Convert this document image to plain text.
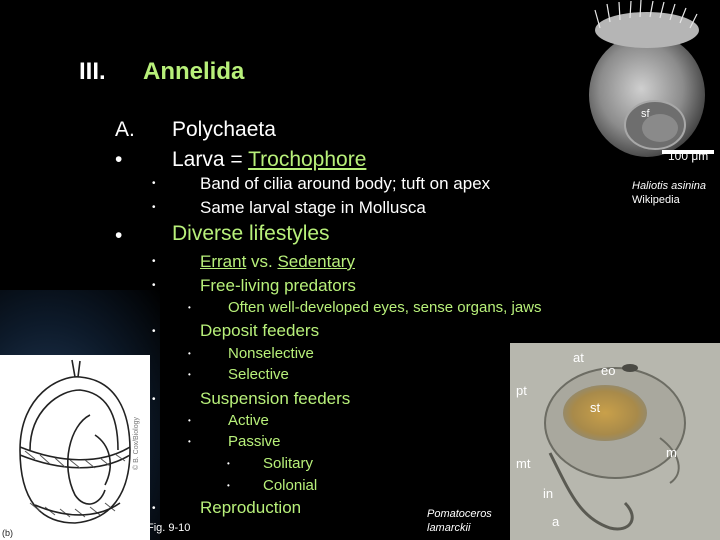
III. Annelida
A. Polychaeta
• Larva = Trochophore
•	Band of cilia around body; tuft on apex
•	Same larval stage in Mollusca
• Diverse lifestyles
•	Errant vs. Sedentary
•	Free-living predators
• Often well-developed eyes, sense organs, jaws
•	Deposit feeders
• Nonselective
• Selective
•	Suspension feeders
• Active
• Passive
• Solitary
• Colonial
•	Reproduction
sf
100 μm
Haliotis asinina
Wikipedia
(b)
© B. Cox/Biology
Fig. 9-10
at
eo
pt
st
mt
m
in
a
Pomatoceros
lamarckii
